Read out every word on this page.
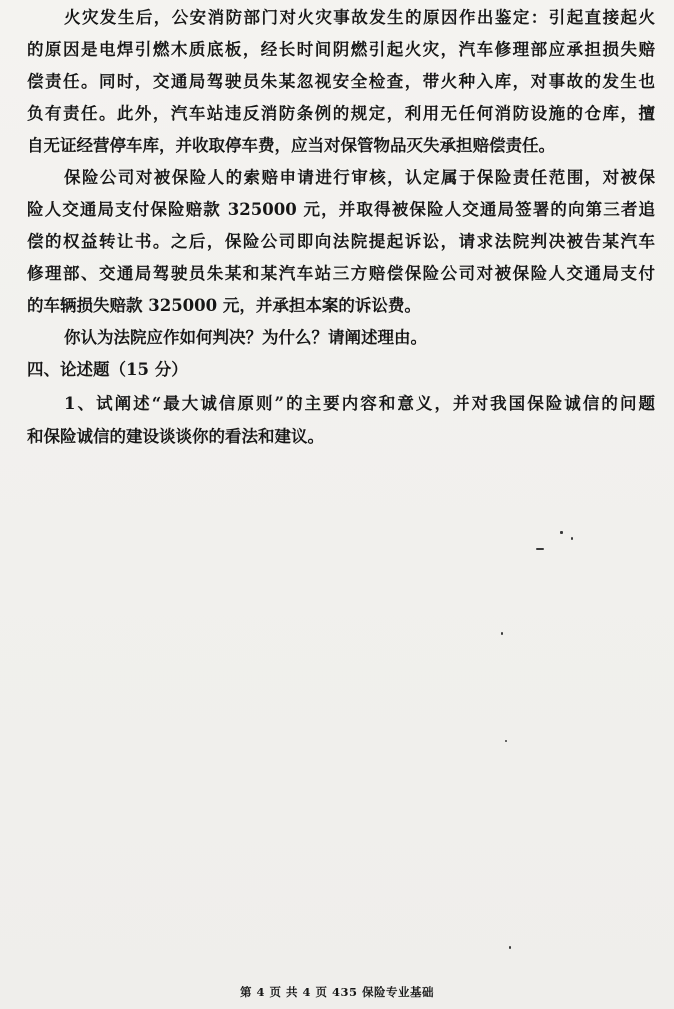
火灾发生后，公安消防部门对火灾事故发生的原因作出鉴定：引起直接起火
的原因是电焊引燃木质底板，经长时间阴燃引起火灾，汽车修理部应承担损失赔
偿责任。同时，交通局驾驶员朱某忽视安全检查，带火种入库，对事故的发生也
负有责任。此外，汽车站违反消防条例的规定，利用无任何消防设施的仓库，擅
自无证经营停车库，并收取停车费，应当对保管物品灭失承担赔偿责任。
保险公司对被保险人的索赔申请进行审核，认定属于保险责任范围，对被保
险人交通局支付保险赔款 325000 元，并取得被保险人交通局签署的向第三者追
偿的权益转让书。之后，保险公司即向法院提起诉讼，请求法院判决被告某汽车
修理部、交通局驾驶员朱某和某汽车站三方赔偿保险公司对被保险人交通局支付
的车辆损失赔款 325000 元，并承担本案的诉讼费。
你认为法院应作如何判决？为什么？请阐述理由。
四、论述题（15 分）
1、试阐述“最大诚信原则”的主要内容和意义，并对我国保险诚信的问题
和保险诚信的建设谈谈你的看法和建议。
第 4 页 共 4 页 435 保险专业基础
